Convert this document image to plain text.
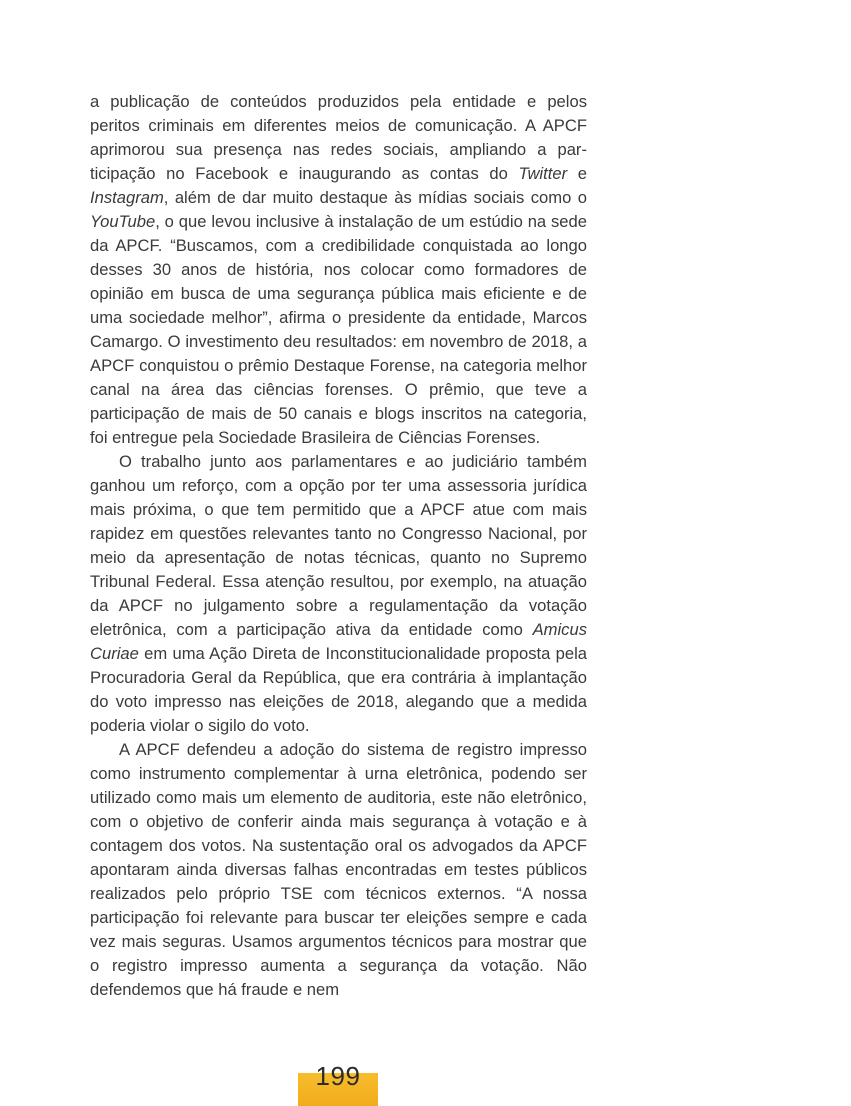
a publicação de conteúdos produzidos pela entidade e pelos peritos criminais em diferentes meios de comunicação. A APCF aprimorou sua presença nas redes sociais, ampliando a participação no Facebook e inaugurando as contas do Twitter e Instagram, além de dar muito destaque às mídias sociais como o YouTube, o que levou inclusive à instalação de um estúdio na sede da APCF. “Buscamos, com a credibilidade conquistada ao longo desses 30 anos de história, nos colocar como formadores de opinião em busca de uma segurança pública mais eficiente e de uma sociedade melhor”, afirma o presidente da entidade, Marcos Camargo. O investimento deu resultados: em novembro de 2018, a APCF conquistou o prêmio Destaque Forense, na categoria melhor canal na área das ciências forenses. O prêmio, que teve a participação de mais de 50 canais e blogs inscritos na categoria, foi entregue pela Sociedade Brasileira de Ciências Forenses.

O trabalho junto aos parlamentares e ao judiciário também ganhou um reforço, com a opção por ter uma assessoria jurídica mais próxima, o que tem permitido que a APCF atue com mais rapidez em questões relevantes tanto no Congresso Nacional, por meio da apresentação de notas técnicas, quanto no Supremo Tribunal Federal. Essa atenção resultou, por exemplo, na atuação da APCF no julgamento sobre a regulamentação da votação eletrônica, com a participação ativa da entidade como Amicus Curiae em uma Ação Direta de Inconstitucionalidade proposta pela Procuradoria Geral da República, que era contrária à implantação do voto impresso nas eleições de 2018, alegando que a medida poderia violar o sigilo do voto.

A APCF defendeu a adoção do sistema de registro impresso como instrumento complementar à urna eletrônica, podendo ser utilizado como mais um elemento de auditoria, este não eletrônico, com o objetivo de conferir ainda mais segurança à votação e à contagem dos votos. Na sustentação oral os advogados da APCF apontaram ainda diversas falhas encontradas em testes públicos realizados pelo próprio TSE com técnicos externos. “A nossa participação foi relevante para buscar ter eleições sempre e cada vez mais seguras. Usamos argumentos técnicos para mostrar que o registro impresso aumenta a segurança da votação. Não defendemos que há fraude e nem

199
